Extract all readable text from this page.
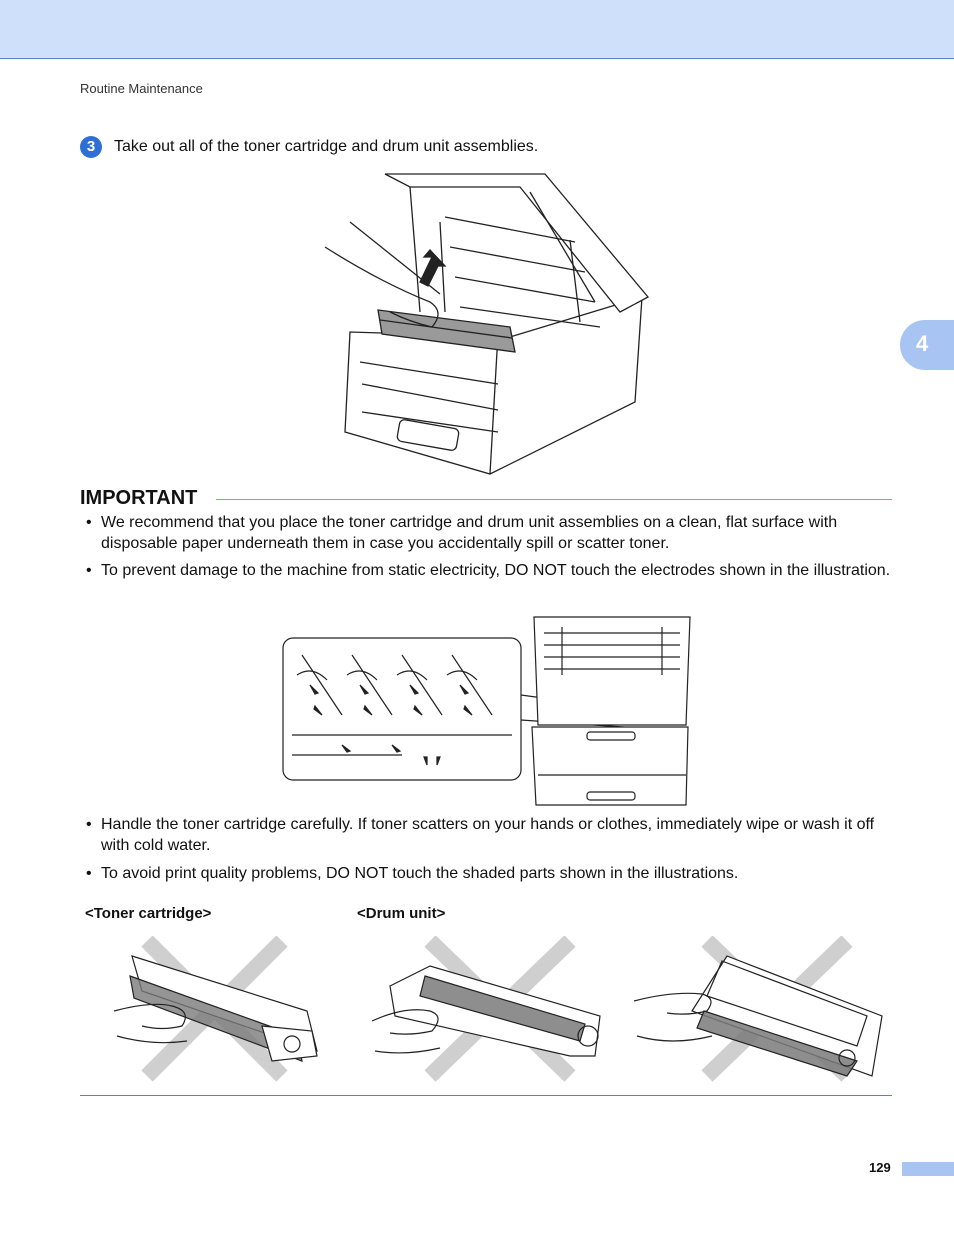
Routine Maintenance
4
3	Take out all of the toner cartridge and drum unit assemblies.
IMPORTANT
• We recommend that you place the toner cartridge and drum unit assemblies on a clean, flat surface with disposable paper underneath them in case you accidentally spill or scatter toner.
• To prevent damage to the machine from static electricity, DO NOT touch the electrodes shown in the illustration.
• Handle the toner cartridge carefully. If toner scatters on your hands or clothes, immediately wipe or wash it off with cold water.
• To avoid print quality problems, DO NOT touch the shaded parts shown in the illustrations.
<Toner cartridge>	<Drum unit>
129
